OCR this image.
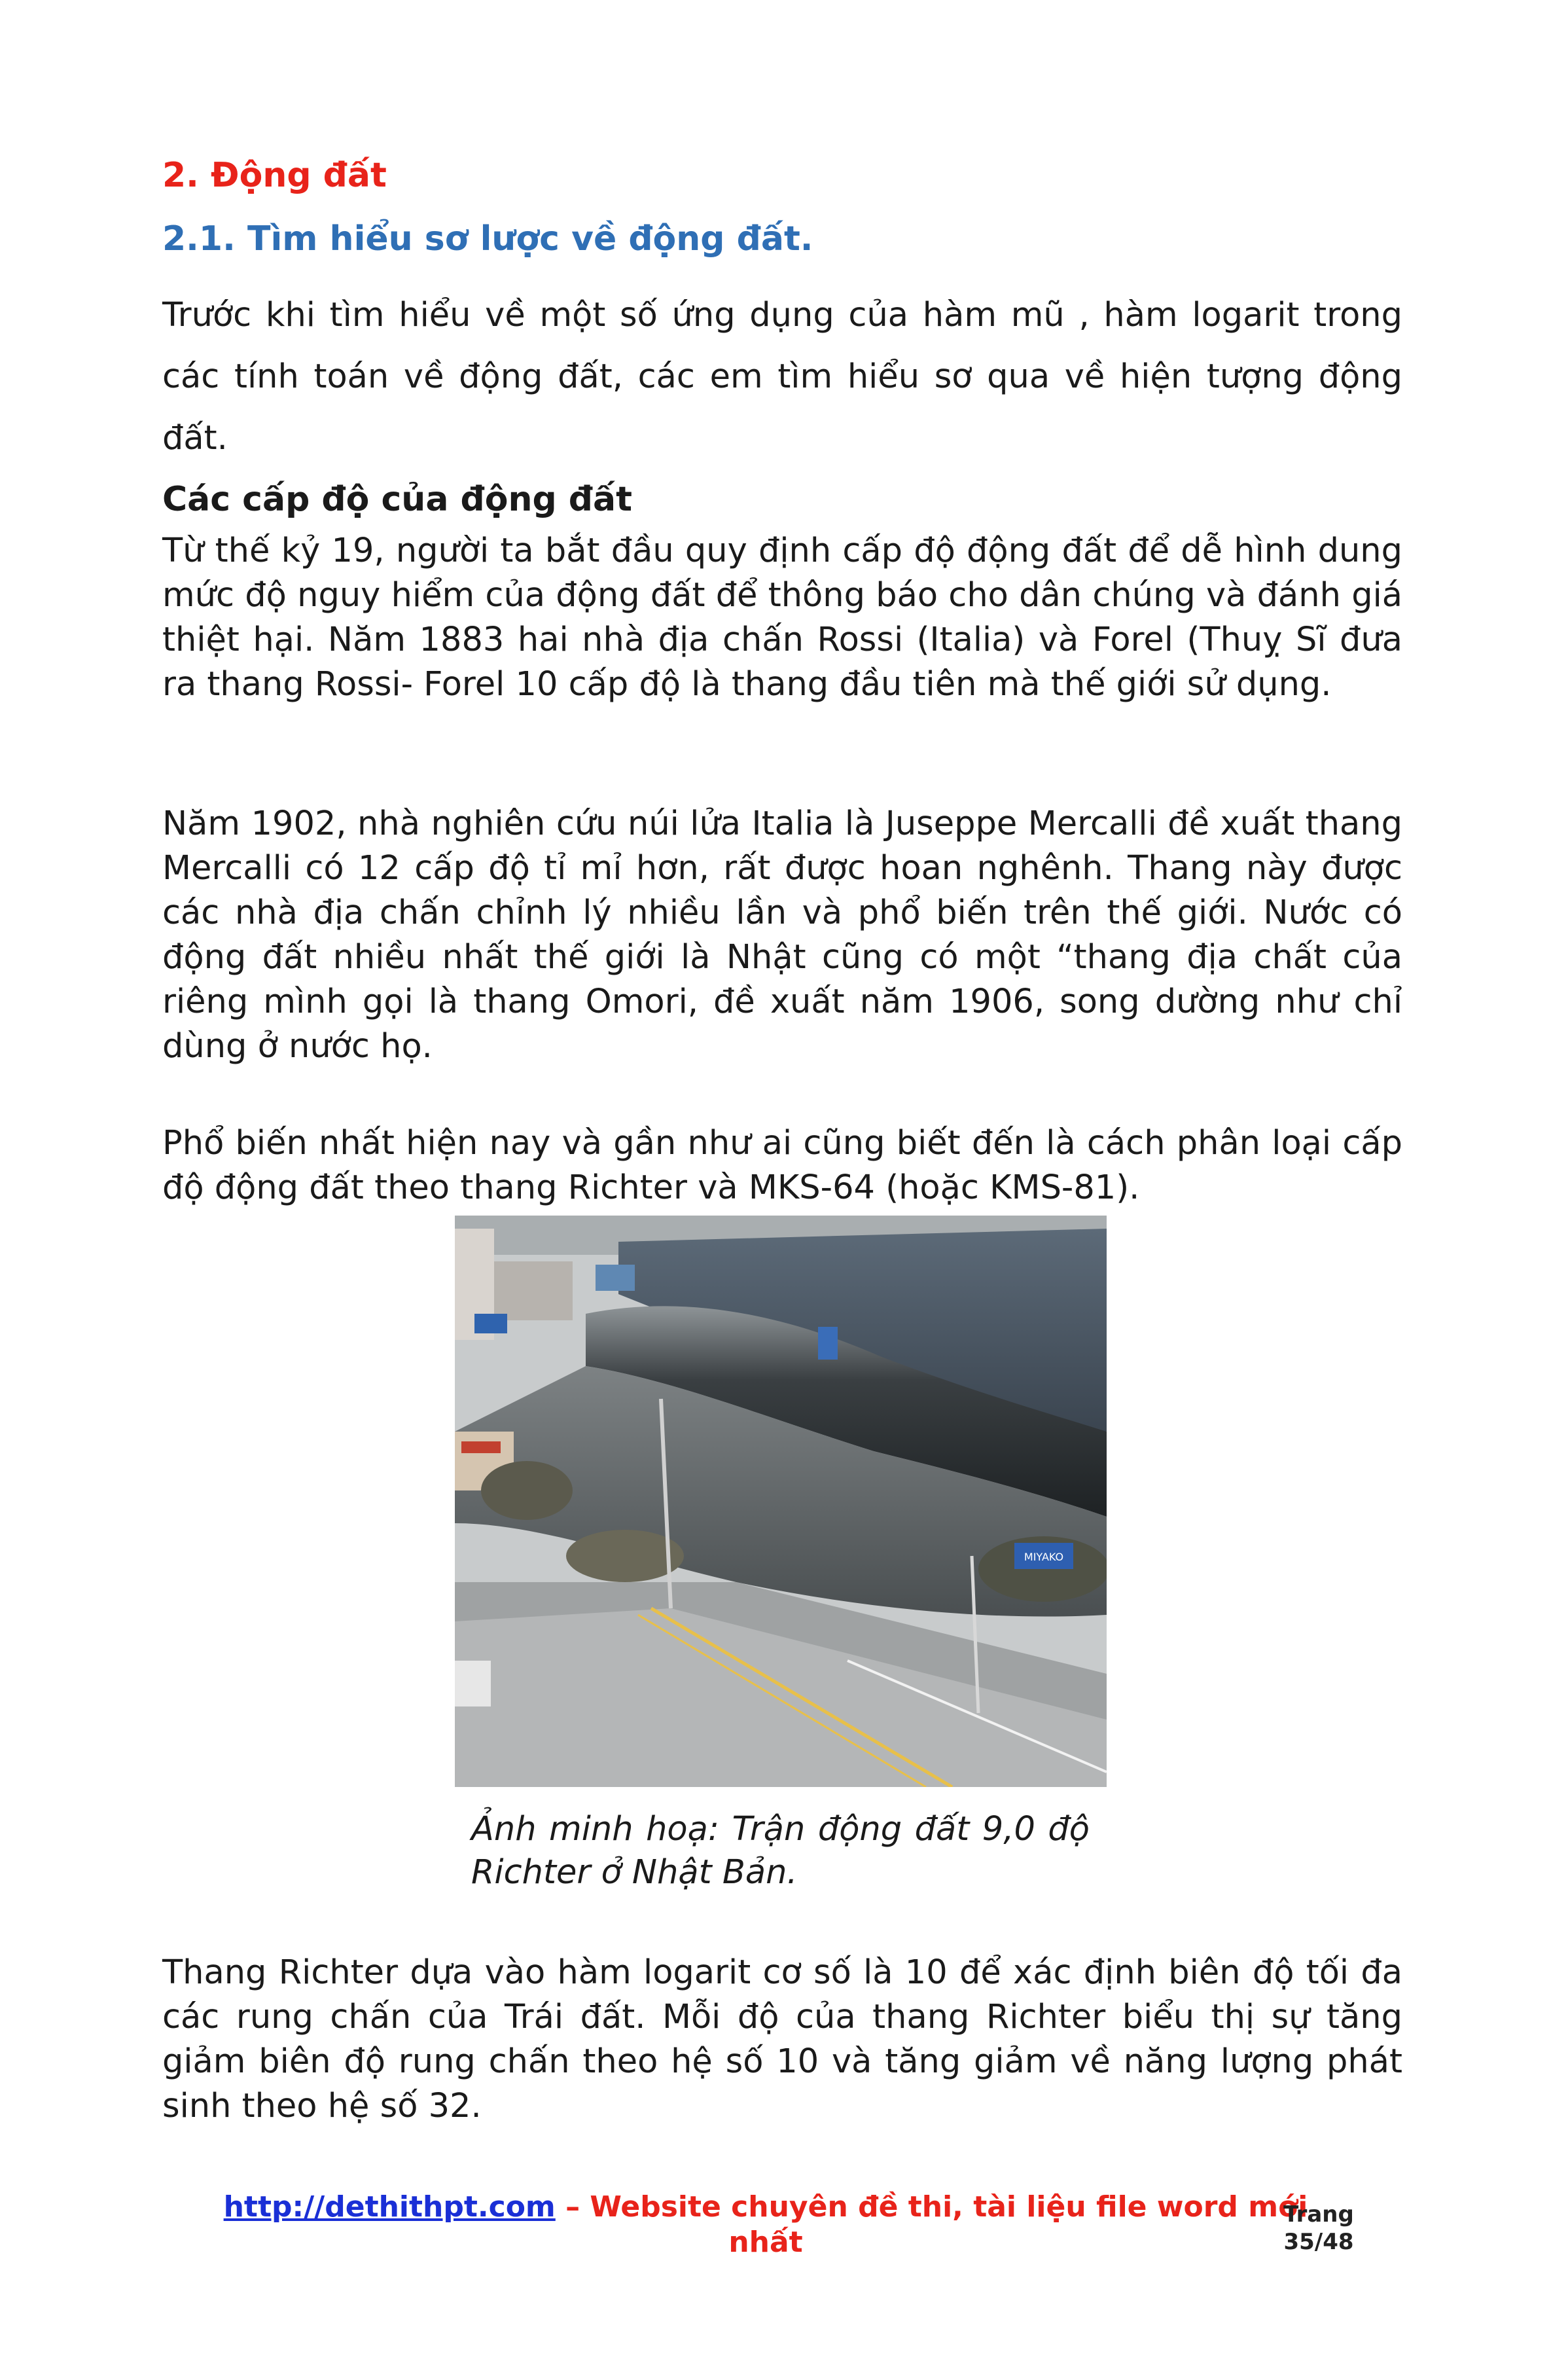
2. Động đất
2.1. Tìm hiểu sơ lược về động đất.

Trước khi tìm hiểu về một số ứng dụng của hàm mũ , hàm logarit trong các tính toán về động đất, các em tìm hiểu sơ qua về hiện tượng động đất.

Các cấp độ của động đất

Từ thế kỷ 19, người ta bắt đầu quy định cấp độ động đất để dễ hình dung mức độ nguy hiểm của động đất để thông báo cho dân chúng và đánh giá thiệt hại. Năm 1883 hai nhà địa chấn Rossi (Italia) và Forel (Thuỵ Sĩ đưa ra thang Rossi- Forel 10 cấp độ là thang đầu tiên mà thế giới sử dụng.

Năm 1902, nhà nghiên cứu núi lửa Italia là Juseppe Mercalli đề xuất thang Mercalli có 12 cấp độ tỉ mỉ hơn, rất được hoan nghênh. Thang này được các nhà địa chấn chỉnh lý nhiều lần và phổ biến trên thế giới. Nước có động đất nhiều nhất thế giới là Nhật cũng có một “thang địa chất của riêng mình gọi là thang Omori, đề xuất năm 1906, song dường như chỉ dùng ở nước họ.

Phổ biến nhất hiện nay và gần như ai cũng biết đến là cách phân loại cấp độ động đất theo thang Richter và MKS-64 (hoặc KMS-81).

MIYAKO

Ảnh minh hoạ: Trận động đất 9,0 độ Richter ở Nhật Bản.

Thang Richter dựa vào hàm logarit cơ số là 10 để xác định biên độ tối đa các rung chấn của Trái đất. Mỗi độ của thang Richter biểu thị sự tăng giảm biên độ rung chấn theo hệ số 10 và tăng giảm về năng lượng phát sinh theo hệ số 32.

http://dethithpt.com – Website chuyên đề thi, tài liệu file word mới nhất
Trang
35/48
